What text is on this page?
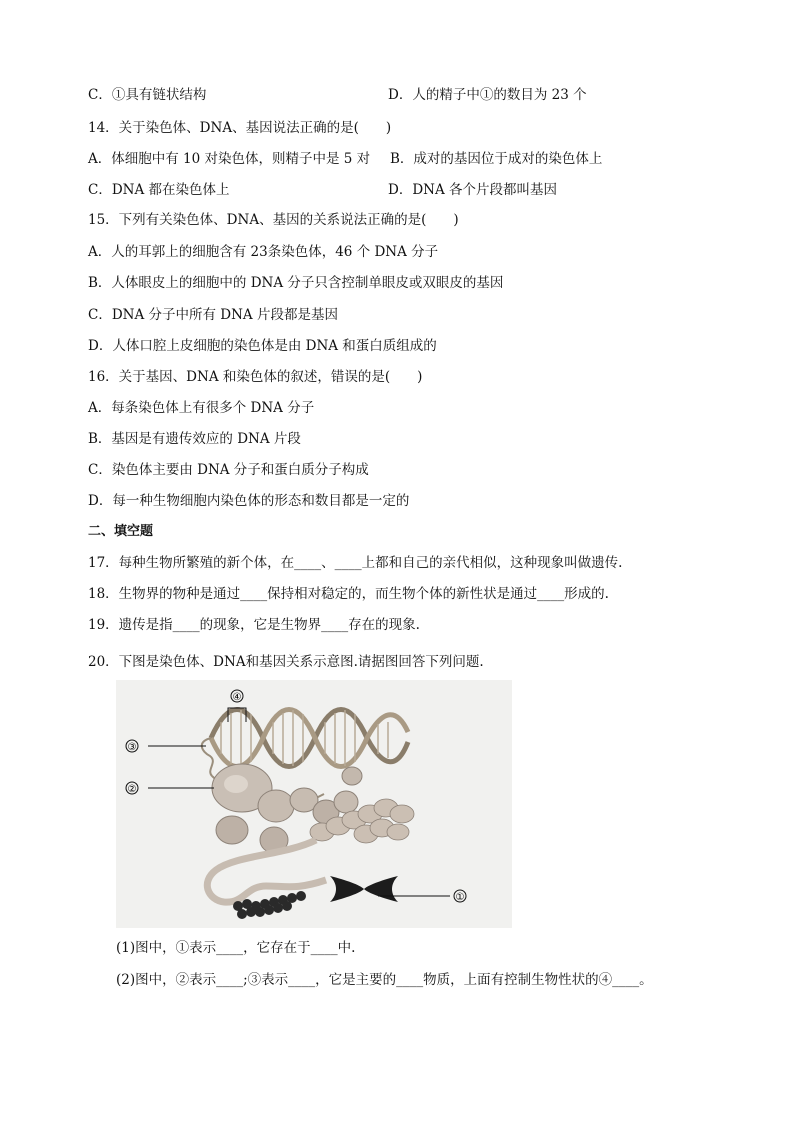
C．①具有链状结构	D．人的精子中①的数目为 23 个
14．关于染色体、DNA、基因说法正确的是(　　)
A．体细胞中有 10 对染色体，则精子中是 5 对 B．成对的基因位于成对的染色体上
C．DNA 都在染色体上	D．DNA 各个片段都叫基因
15．下列有关染色体、DNA、基因的关系说法正确的是(　　)
A．人的耳郭上的细胞含有 23条染色体，46 个 DNA 分子
B．人体眼皮上的细胞中的 DNA 分子只含控制单眼皮或双眼皮的基因
C．DNA 分子中所有 DNA 片段都是基因
D．人体口腔上皮细胞的染色体是由 DNA 和蛋白质组成的
16．关于基因、DNA 和染色体的叙述，错误的是(　　)
A．每条染色体上有很多个 DNA 分子
B．基因是有遗传效应的 DNA 片段
C．染色体主要由 DNA 分子和蛋白质分子构成
D．每一种生物细胞内染色体的形态和数目都是一定的
二、填空题
17．每种生物所繁殖的新个体，在____、____上都和自己的亲代相似，这种现象叫做遗传.
18．生物界的物种是通过____保持相对稳定的，而生物个体的新性状是通过____形成的.
19．遗传是指____的现象，它是生物界____存在的现象.
20．下图是染色体、DNA和基因关系示意图.请据图回答下列问题.
④
③
②
①
(1)图中，①表示____，它存在于____中.
(2)图中，②表示____;③表示____，它是主要的____物质，上面有控制生物性状的④____。
